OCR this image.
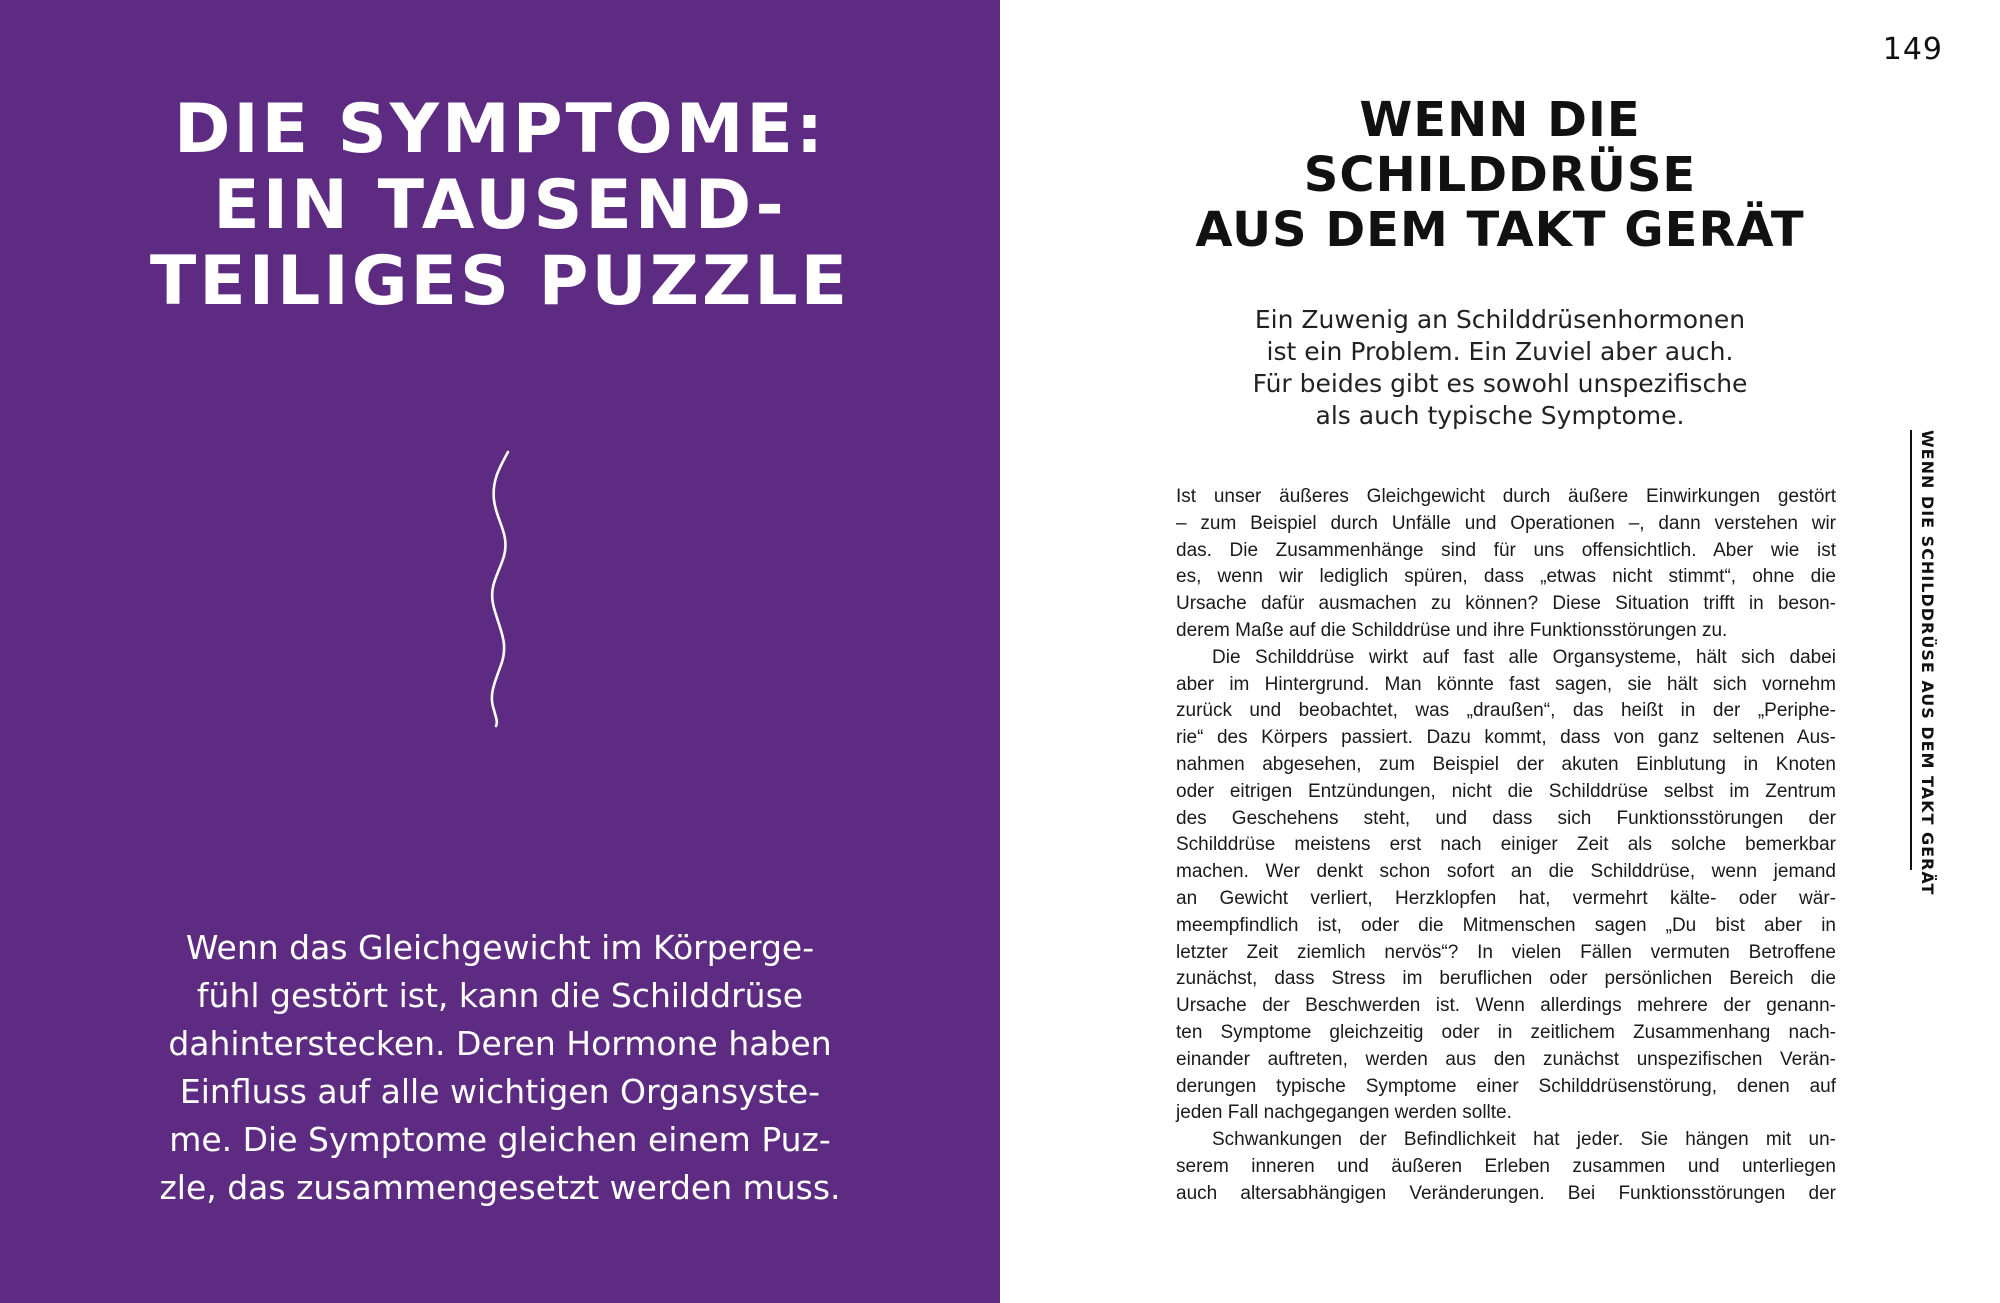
DIE SYMPTOME:
EIN TAUSEND-
TEILIGES PUZZLE
Wenn das Gleichgewicht im Körperge-
fühl gestört ist, kann die Schilddrüse
dahinterstecken. Deren Hormone haben
Einfluss auf alle wichtigen Organsyste-
me. Die Symptome gleichen einem Puz-
zle, das zusammengesetzt werden muss.
149
WENN DIE
SCHILDDRÜSE
AUS DEM TAKT GERÄT
Ein Zuwenig an Schilddrüsenhormonen
ist ein Problem. Ein Zuviel aber auch.
Für beides gibt es sowohl unspezifische
als auch typische Symptome.
Ist unser äußeres Gleichgewicht durch äußere Einwirkungen gestört
– zum Beispiel durch Unfälle und Operationen –, dann verstehen wir
das. Die Zusammenhänge sind für uns offensichtlich. Aber wie ist
es, wenn wir lediglich spüren, dass „etwas nicht stimmt“, ohne die
Ursache dafür ausmachen zu können? Diese Situation trifft in beson-
derem Maße auf die Schilddrüse und ihre Funktionsstörungen zu.
Die Schilddrüse wirkt auf fast alle Organsysteme, hält sich dabei
aber im Hintergrund. Man könnte fast sagen, sie hält sich vornehm
zurück und beobachtet, was „draußen“, das heißt in der „Periphe-
rie“ des Körpers passiert. Dazu kommt, dass von ganz seltenen Aus-
nahmen abgesehen, zum Beispiel der akuten Einblutung in Knoten
oder eitrigen Entzündungen, nicht die Schilddrüse selbst im Zentrum
des Geschehens steht, und dass sich Funktionsstörungen der
Schilddrüse meistens erst nach einiger Zeit als solche bemerkbar
machen. Wer denkt schon sofort an die Schilddrüse, wenn jemand
an Gewicht verliert, Herzklopfen hat, vermehrt kälte- oder wär-
meempfindlich ist, oder die Mitmenschen sagen „Du bist aber in
letzter Zeit ziemlich nervös“? In vielen Fällen vermuten Betroffene
zunächst, dass Stress im beruflichen oder persönlichen Bereich die
Ursache der Beschwerden ist. Wenn allerdings mehrere der genann-
ten Symptome gleichzeitig oder in zeitlichem Zusammenhang nach-
einander auftreten, werden aus den zunächst unspezifischen Verän-
derungen typische Symptome einer Schilddrüsenstörung, denen auf
jeden Fall nachgegangen werden sollte.
Schwankungen der Befindlichkeit hat jeder. Sie hängen mit un-
serem inneren und äußeren Erleben zusammen und unterliegen
auch altersabhängigen Veränderungen. Bei Funktionsstörungen der
WENN DIE SCHILDDRÜSE AUS DEM TAKT GERÄT
